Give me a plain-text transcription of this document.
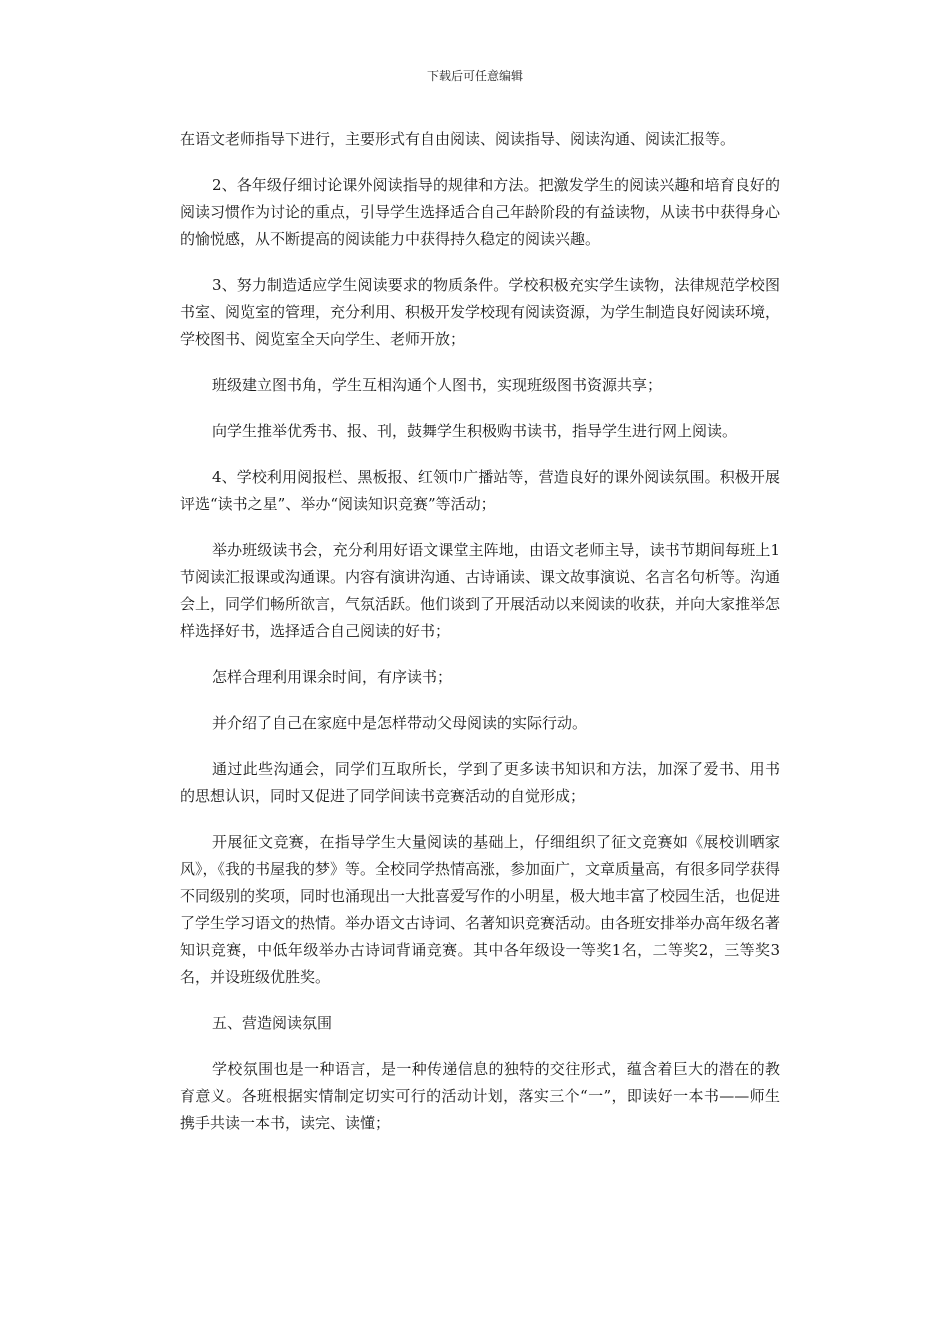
下载后可任意编辑

在语文老师指导下进行，主要形式有自由阅读、阅读指导、阅读沟通、阅读汇报等。

2、各年级仔细讨论课外阅读指导的规律和方法。把激发学生的阅读兴趣和培育良好的阅读习惯作为讨论的重点，引导学生选择适合自己年龄阶段的有益读物，从读书中获得身心的愉悦感，从不断提高的阅读能力中获得持久稳定的阅读兴趣。

3、努力制造适应学生阅读要求的物质条件。学校积极充实学生读物，法律规范学校图书室、阅览室的管理，充分利用、积极开发学校现有阅读资源，为学生制造良好阅读环境，学校图书、阅览室全天向学生、老师开放；

班级建立图书角，学生互相沟通个人图书，实现班级图书资源共享；

向学生推举优秀书、报、刊，鼓舞学生积极购书读书，指导学生进行网上阅读。

4、学校利用阅报栏、黑板报、红领巾广播站等，营造良好的课外阅读氛围。积极开展评选“读书之星”、举办“阅读知识竞赛”等活动；

举办班级读书会，充分利用好语文课堂主阵地，由语文老师主导，读书节期间每班上1节阅读汇报课或沟通课。内容有演讲沟通、古诗诵读、课文故事演说、名言名句析等。沟通会上，同学们畅所欲言，气氛活跃。他们谈到了开展活动以来阅读的收获，并向大家推举怎样选择好书，选择适合自己阅读的好书；

怎样合理利用课余时间，有序读书；

并介绍了自己在家庭中是怎样带动父母阅读的实际行动。

通过此些沟通会，同学们互取所长，学到了更多读书知识和方法，加深了爱书、用书的思想认识，同时又促进了同学间读书竞赛活动的自觉形成；

开展征文竞赛，在指导学生大量阅读的基础上，仔细组织了征文竞赛如《展校训晒家风》，《我的书屋我的梦》等。全校同学热情高涨，参加面广，文章质量高，有很多同学获得不同级别的奖项，同时也涌现出一大批喜爱写作的小明星，极大地丰富了校园生活，也促进了学生学习语文的热情。举办语文古诗词、名著知识竞赛活动。由各班安排举办高年级名著知识竞赛，中低年级举办古诗词背诵竞赛。其中各年级设一等奖1名，二等奖2，三等奖3名，并设班级优胜奖。

五、营造阅读氛围

学校氛围也是一种语言，是一种传递信息的独特的交往形式，蕴含着巨大的潜在的教育意义。各班根据实情制定切实可行的活动计划，落实三个“一”，即读好一本书——师生携手共读一本书，读完、读懂；
